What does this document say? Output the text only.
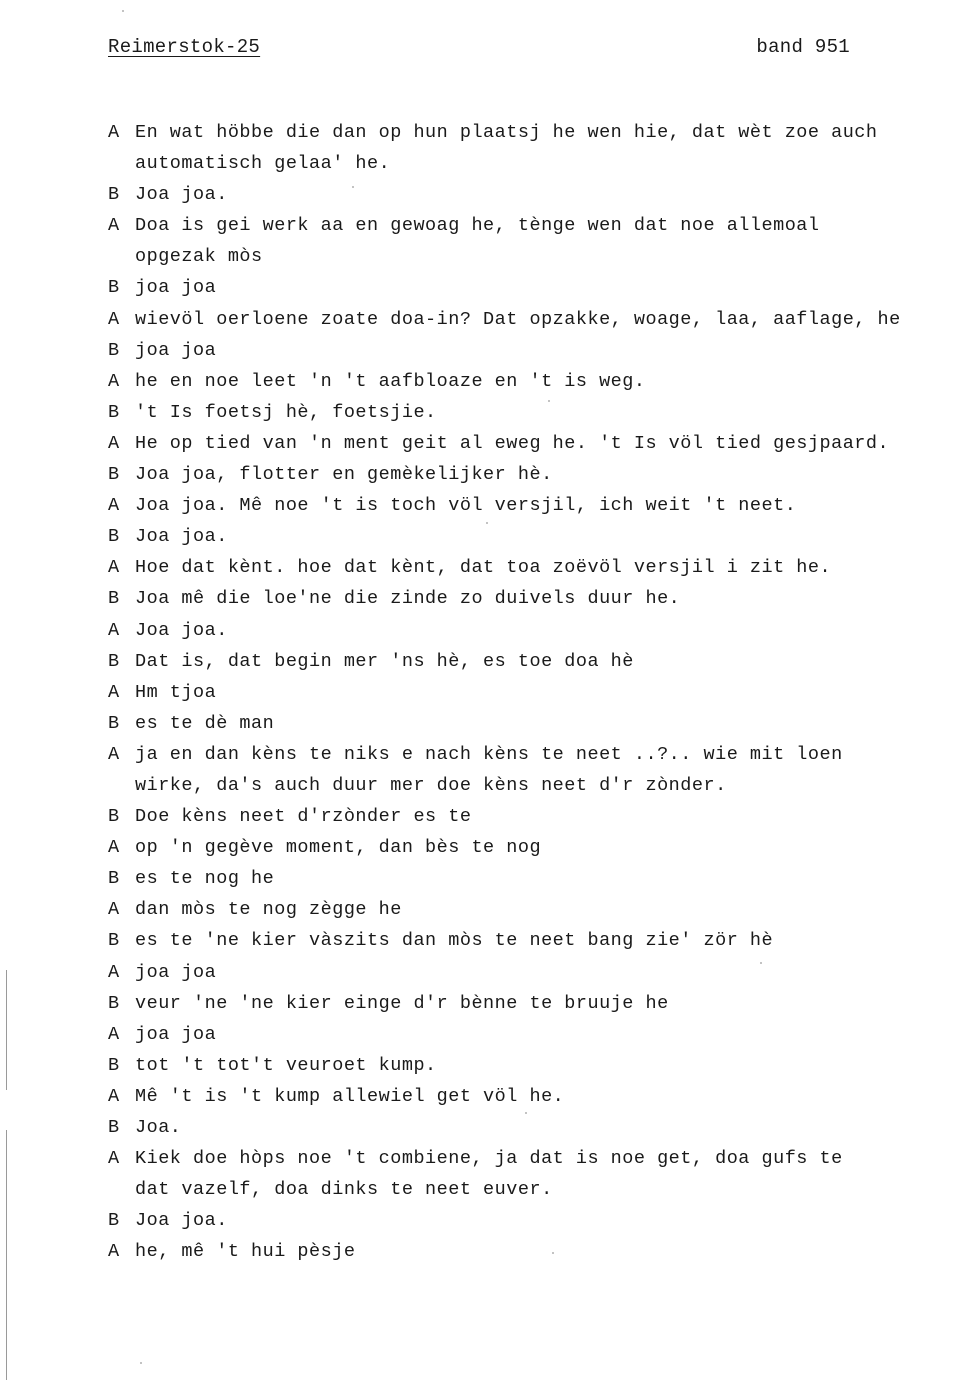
Reimerstok-25	band 951
A En wat höbbe die dan op hun plaatsj he wen hie, dat wèt zoe auch
automatisch gelaa' he.
B Joa joa.
A Doa is gei werk aa en gewoag he, tènge wen dat noe allemoal
opgezak mòs
B joa joa
A wievöl oerloene zoate doa-in? Dat opzakke, woage, laa, aaflage, he
B joa joa
A he en noe leet 'n 't aafbloaze en 't is weg.
B 't Is foetsj hè, foetsjie.
A He op tied van 'n ment geit al eweg he. 't Is völ tied gesjpaard.
B Joa joa, flotter en gemèkelijker hè.
A Joa joa. Mê noe 't is toch völ versjil, ich weit 't neet.
B Joa joa.
A Hoe dat kènt. hoe dat kènt, dat toa zoëvöl versjil i zit he.
B Joa mê die loe'ne die zinde zo duivels duur he.
A Joa joa.
B Dat is, dat begin mer 'ns hè, es toe doa hè
A Hm tjoa
B es te dè man
A ja en dan kèns te niks e nach kèns te neet ..?.. wie mit loen
wirke, da's auch duur mer doe kèns neet d'r zònder.
B Doe kèns neet d'rzònder es te
A op 'n gegève moment, dan bès te nog
B es te nog he
A dan mòs te nog zègge he
B es te 'ne kier vàszits dan mòs te neet bang zie' zör hè
A joa joa
B veur 'ne 'ne kier einge d'r bènne te bruuje he
A joa joa
B tot 't tot't veuroet kump.
A Mê 't is 't kump allewiel get völ he.
B Joa.
A Kiek doe hòps noe 't combiene, ja dat is noe get, doa gufs te
dat vazelf, doa dinks te neet euver.
B Joa joa.
A he, mê 't hui pèsje
